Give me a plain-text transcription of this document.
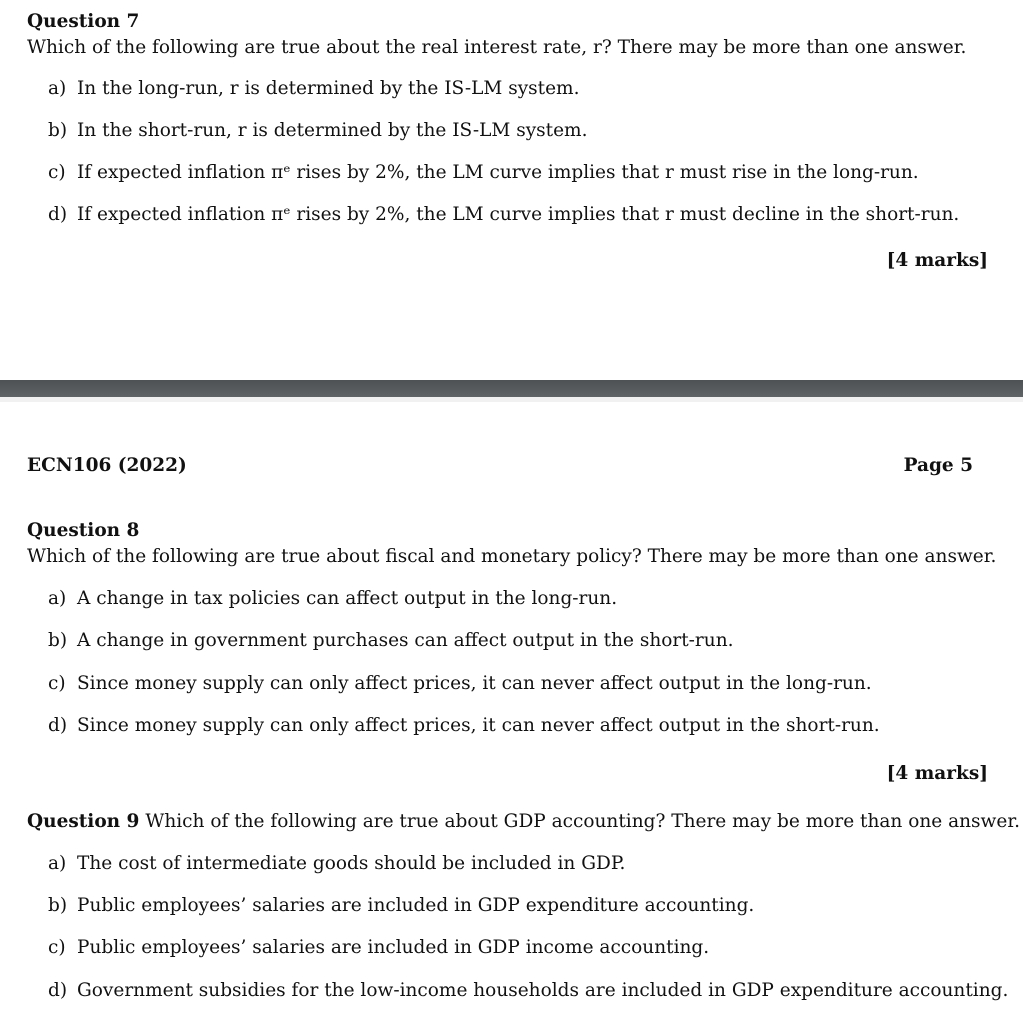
Question 7
Which of the following are true about the real interest rate, r? There may be more than one answer.
a) In the long-run, r is determined by the IS-LM system.
b) In the short-run, r is determined by the IS-LM system.
c) If expected inflation πᵉ rises by 2%, the LM curve implies that r must rise in the long-run.
d) If expected inflation πᵉ rises by 2%, the LM curve implies that r must decline in the short-run.
[4 marks]
ECN106 (2022)	Page 5
Question 8
Which of the following are true about fiscal and monetary policy? There may be more than one answer.
a) A change in tax policies can affect output in the long-run.
b) A change in government purchases can affect output in the short-run.
c) Since money supply can only affect prices, it can never affect output in the long-run.
d) Since money supply can only affect prices, it can never affect output in the short-run.
[4 marks]
Question 9 Which of the following are true about GDP accounting? There may be more than one answer.
a) The cost of intermediate goods should be included in GDP.
b) Public employees’ salaries are included in GDP expenditure accounting.
c) Public employees’ salaries are included in GDP income accounting.
d) Government subsidies for the low-income households are included in GDP expenditure accounting.
